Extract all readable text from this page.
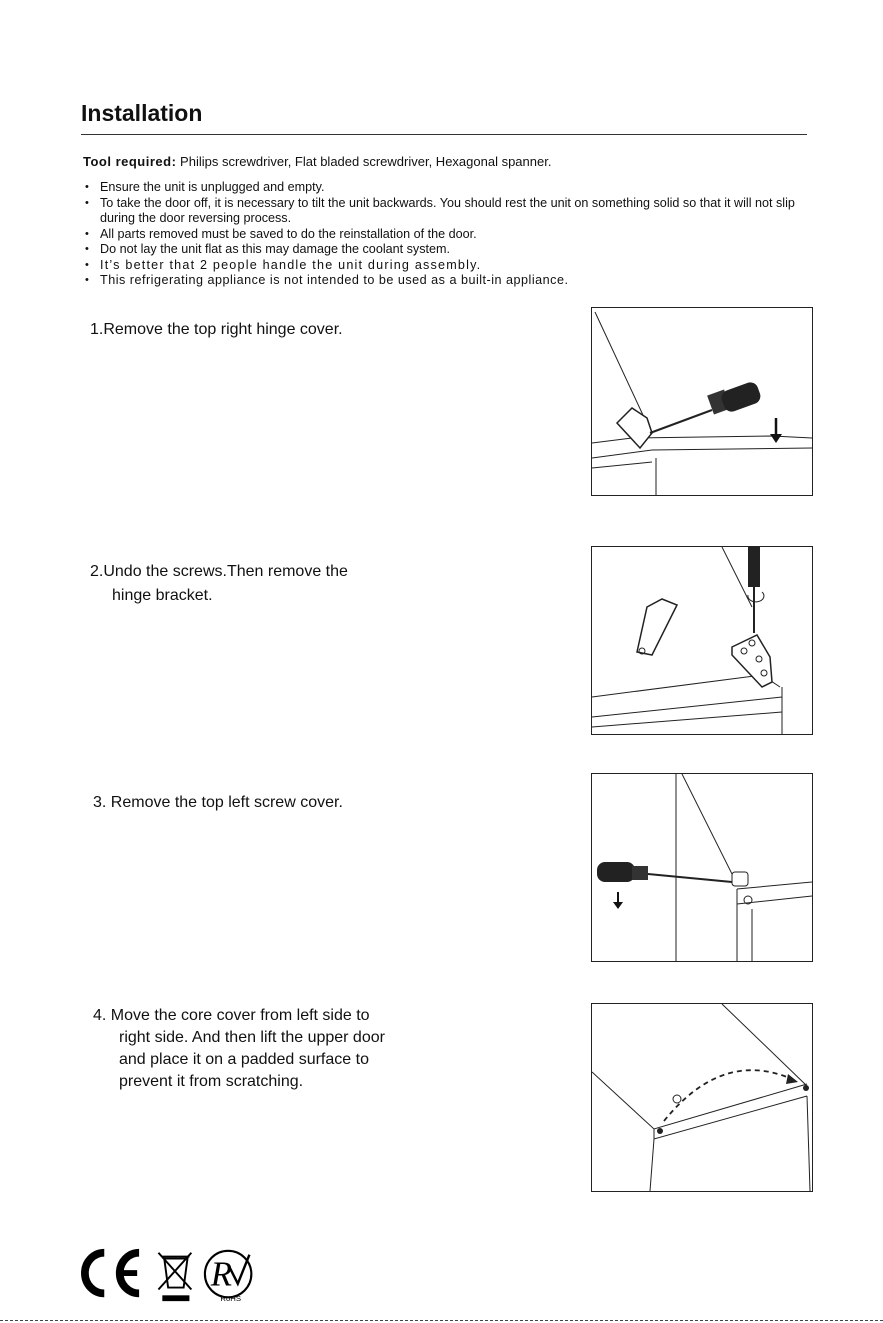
Installation
Tool required: Philips screwdriver, Flat bladed screwdriver, Hexagonal spanner.
• Ensure the unit is unplugged and empty.
• To take the door off, it is necessary to tilt the unit backwards. You should rest the unit on something solid so that it will not slip during the door reversing process.
• All parts removed must be saved to do the reinstallation of the door.
• Do not lay the unit flat as this may damage the coolant system.
• It’s better that 2 people handle the unit during assembly.
• This refrigerating appliance is not intended to be used as a built-in appliance.
1.Remove the top right hinge cover.
2.Undo the screws.Then remove the
hinge bracket.
3. Remove the top left screw cover.
4. Move the core cover from left side to
right side. And then lift the upper door
and place it on a padded surface to
prevent it from scratching.
R
RoHS
